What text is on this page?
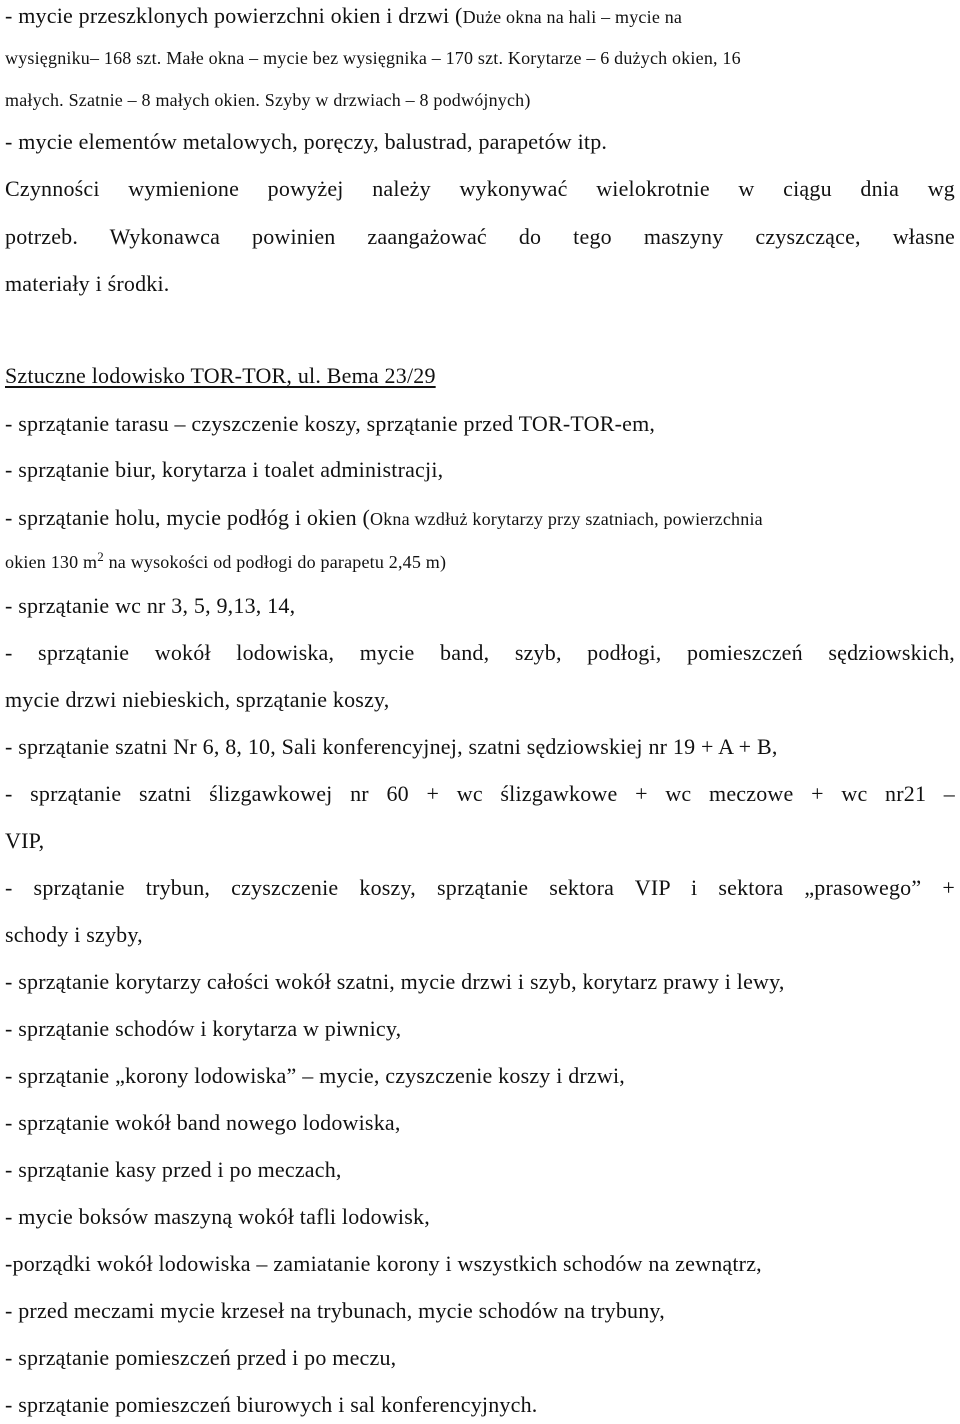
- mycie przeszklonych powierzchni okien i drzwi (Duże okna na hali – mycie na

wysięgniku– 168 szt. Małe okna – mycie bez wysięgnika – 170 szt. Korytarze – 6 dużych okien, 16

małych. Szatnie – 8 małych okien. Szyby w drzwiach – 8 podwójnych)

- mycie elementów metalowych, poręczy, balustrad, parapetów itp.

Czynności wymienione powyżej należy wykonywać wielokrotnie w ciągu dnia wg

potrzeb. Wykonawca powinien zaangażować do tego maszyny czyszczące, własne

materiały i środki.

Sztuczne lodowisko TOR-TOR, ul. Bema 23/29

- sprzątanie tarasu – czyszczenie koszy, sprzątanie przed TOR-TOR-em,

- sprzątanie biur, korytarza i toalet administracji,

- sprzątanie holu, mycie podłóg i okien (Okna wzdłuż korytarzy przy szatniach, powierzchnia

okien 130 $m^2$ na wysokości od podłogi do parapetu 2,45 m)

- sprzątanie wc nr 3, 5, 9,13, 14,

- sprzątanie wokół lodowiska, mycie band, szyb, podłogi, pomieszczeń sędziowskich,

mycie drzwi niebieskich, sprzątanie koszy,

- sprzątanie szatni Nr 6, 8, 10, Sali konferencyjnej, szatni sędziowskiej nr 19 + A + B,

- sprzątanie szatni ślizgawkowej nr 60 + wc ślizgawkowe + wc meczowe + wc nr21 –

VIP,

- sprzątanie trybun, czyszczenie koszy, sprzątanie sektora VIP i sektora „prasowego” +

schody i szyby,

- sprzątanie korytarzy całości wokół szatni, mycie drzwi i szyb, korytarz prawy i lewy,

- sprzątanie schodów i korytarza w piwnicy,

- sprzątanie „korony lodowiska” – mycie, czyszczenie koszy i drzwi,

- sprzątanie wokół band nowego lodowiska,

- sprzątanie kasy przed i po meczach,

- mycie boksów maszyną wokół tafli lodowisk,

-porządki wokół lodowiska – zamiatanie korony i wszystkich schodów na zewnątrz,

- przed meczami mycie krzeseł na trybunach, mycie schodów na trybuny,

- sprzątanie pomieszczeń przed i po meczu,

- sprzątanie pomieszczeń biurowych i sal konferencyjnych.
